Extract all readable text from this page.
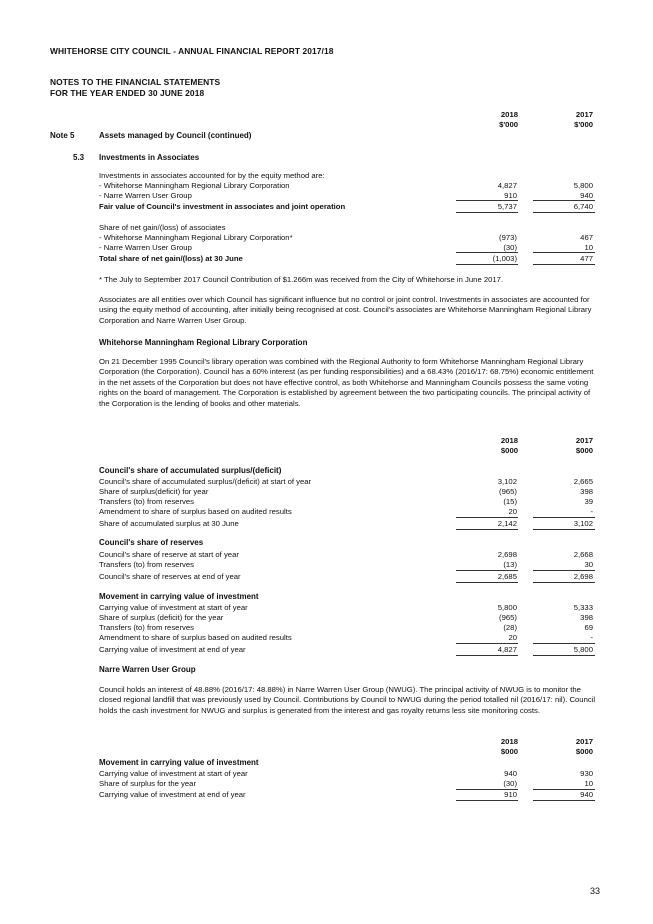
WHITEHORSE CITY COUNCIL - ANNUAL FINANCIAL REPORT 2017/18
NOTES TO THE FINANCIAL STATEMENTS
FOR THE YEAR ENDED 30 JUNE 2018
2018	2017
$'000	$'000
Note 5	Assets managed by Council (continued)
5.3 Investments in Associates
Investments in associates accounted for by the equity method are:
- Whitehorse Manningham Regional Library Corporation	4,827	5,800
- Narre Warren User Group	910	940
Fair value of Council's investment in associates and joint operation	5,737	6,740
Share of net gain/(loss) of associates
- Whitehorse Manningham Regional Library Corporation*	(973)	467
- Narre Warren User Group	(30)	10
Total share of net gain/(loss) at 30 June	(1,003)	477
* The July to September 2017 Council Contribution of $1.266m was received from the City of Whitehorse in June 2017.
Associates are all entities over which Council has significant influence but no control or joint control. Investments in associates are accounted for using the equity method of accounting, after initially being recognised at cost. Council's associates are Whitehorse Manningham Regional Library Corporation and Narre Warren User Group.
Whitehorse Manningham Regional Library Corporation
On 21 December 1995 Council's library operation was combined with the Regional Authority to form Whitehorse Manningham Regional Library Corporation (the Corporation). Council has a 60% interest (as per funding responsibilities) and a 68.43% (2016/17: 68.75%) economic entitlement in the net assets of the Corporation but does not have effective control, as both Whitehorse and Manningham Councils possess the same voting rights on the board of management. The Corporation is established by agreement between the two participating councils. The principal activity of the Corporation is the lending of books and other materials.
2018	2017
$000	$000
Council's share of accumulated surplus/(deficit)
Council's share of accumulated surplus/(deficit) at start of year	3,102	2,665
Share of surplus(deficit) for year	(965)	398
Transfers (to) from reserves	(15)	39
Amendment to share of surplus based on audited results	20	-
Share of accumulated surplus at 30 June	2,142	3,102
Council's share of reserves
Council's share of reserve at start of year	2,698	2,668
Transfers (to) from reserves	(13)	30
Council's share of reserves at end of year	2,685	2,698
Movement in carrying value of investment
Carrying value of investment at start of year	5,800	5,333
Share of surplus (deficit) for the year	(965)	398
Transfers (to) from reserves	(28)	69
Amendment to share of surplus based on audited results	20	-
Carrying value of investment at end of year	4,827	5,800
Narre Warren User Group
Council holds an interest of 48.88% (2016/17: 48.88%) in Narre Warren User Group (NWUG). The principal activity of NWUG is to monitor the closed regional landfill that was previously used by Council. Contributions by Council to NWUG during the period totalled nil (2016/17: nil). Council holds the cash investment for NWUG and surplus is generated from the interest and gas royalty returns less site monitoring costs.
2018	2017
$000	$000
Movement in carrying value of investment
Carrying value of investment at start of year	940	930
Share of surplus for the year	(30)	10
Carrying value of investment at end of year	910	940
33
